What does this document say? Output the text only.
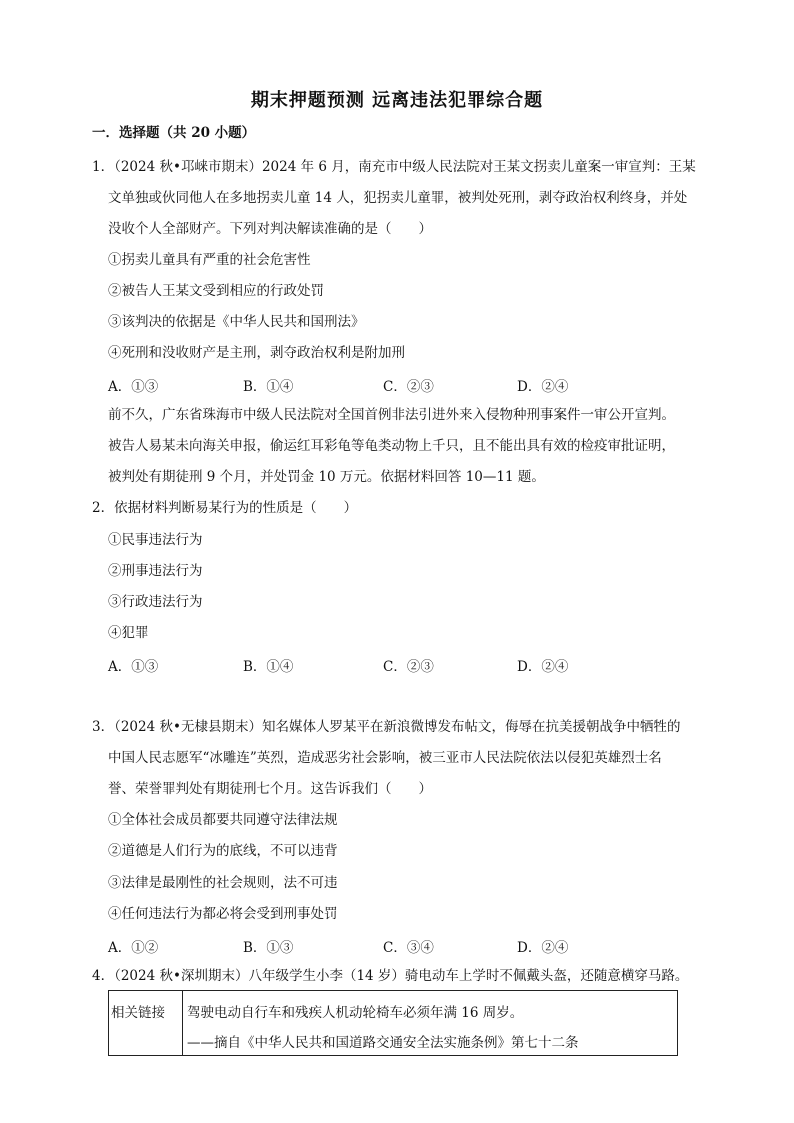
期末押题预测 远离违法犯罪综合题
一．选择题（共 20 小题）
1．（2024 秋•邛崃市期末）2024 年 6 月，南充市中级人民法院对王某文拐卖儿童案一审宣判：王某
文单独或伙同他人在多地拐卖儿童 14 人，犯拐卖儿童罪，被判处死刑，剥夺政治权利终身，并处
没收个人全部财产。下列对判决解读准确的是（　　）
①拐卖儿童具有严重的社会危害性
②被告人王某文受到相应的行政处罚
③该判决的依据是《中华人民共和国刑法》
④死刑和没收财产是主刑，剥夺政治权利是附加刑
A．①③	B．①④	C．②③	D．②④
前不久，广东省珠海市中级人民法院对全国首例非法引进外来入侵物种刑事案件一审公开宣判。
被告人易某未向海关申报，偷运红耳彩龟等龟类动物上千只，且不能出具有效的检疫审批证明，
被判处有期徒刑 9 个月，并处罚金 10 万元。依据材料回答 10—11 题。
2．依据材料判断易某行为的性质是（　　）
①民事违法行为
②刑事违法行为
③行政违法行为
④犯罪
A．①③	B．①④	C．②③	D．②④
3．（2024 秋•无棣县期末）知名媒体人罗某平在新浪微博发布帖文，侮辱在抗美援朝战争中牺牲的
中国人民志愿军“冰雕连”英烈，造成恶劣社会影响，被三亚市人民法院依法以侵犯英雄烈士名
誉、荣誉罪判处有期徒刑七个月。这告诉我们（　　）
①全体社会成员都要共同遵守法律法规
②道德是人们行为的底线，不可以违背
③法律是最刚性的社会规则，法不可违
④任何违法行为都必将会受到刑事处罚
A．①②	B．①③	C．③④	D．②④
4．（2024 秋•深圳期末）八年级学生小李（14 岁）骑电动车上学时不佩戴头盔，还随意横穿马路。
相关链接	驾驶电动自行车和残疾人机动轮椅车必须年满 16 周岁。
——摘自《中华人民共和国道路交通安全法实施条例》第七十二条
